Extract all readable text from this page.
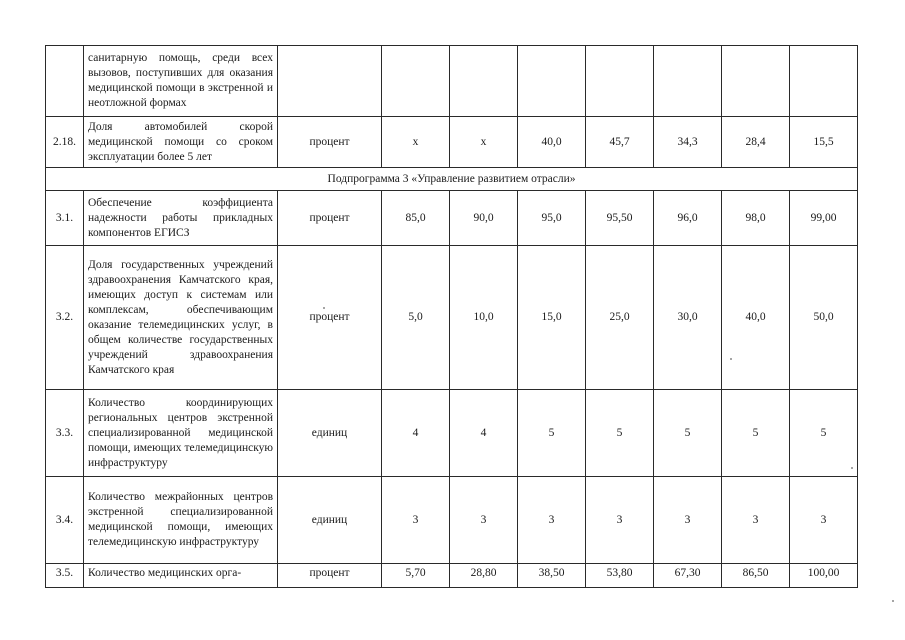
	санитарную помощь, среди всех вызовов, поступивших для оказания медицинской помощи в экстренной и неотложной формах								
2.18.	Доля автомобилей скорой медицинской помощи со сроком эксплуатации более 5 лет	процент	х	х	40,0	45,7	34,3	28,4	15,5
Подпрограмма 3 «Управление развитием отрасли»									
3.1.	Обеспечение коэффициента надежности работы прикладных компонентов ЕГИСЗ	процент	85,0	90,0	95,0	95,50	96,0	98,0	99,00
3.2.	Доля государственных учреждений здравоохранения Камчатского края, имеющих доступ к системам или комплексам, обеспечивающим оказание телемедицинских услуг, в общем количестве государственных учреждений здравоохранения Камчатского края	процент	5,0	10,0	15,0	25,0	30,0	40,0	50,0
3.3.	Количество координирующих региональных центров экстренной специализированной медицинской помощи, имеющих телемедицинскую инфраструктуру	единиц	4	4	5	5	5	5	5
3.4.	Количество межрайонных центров экстренной специализированной медицинской помощи, имеющих телемедицинскую инфраструктуру	единиц	3	3	3	3	3	3	3
3.5.	Количество медицинских орга-	процент	5,70	28,80	38,50	53,80	67,30	86,50	100,00
